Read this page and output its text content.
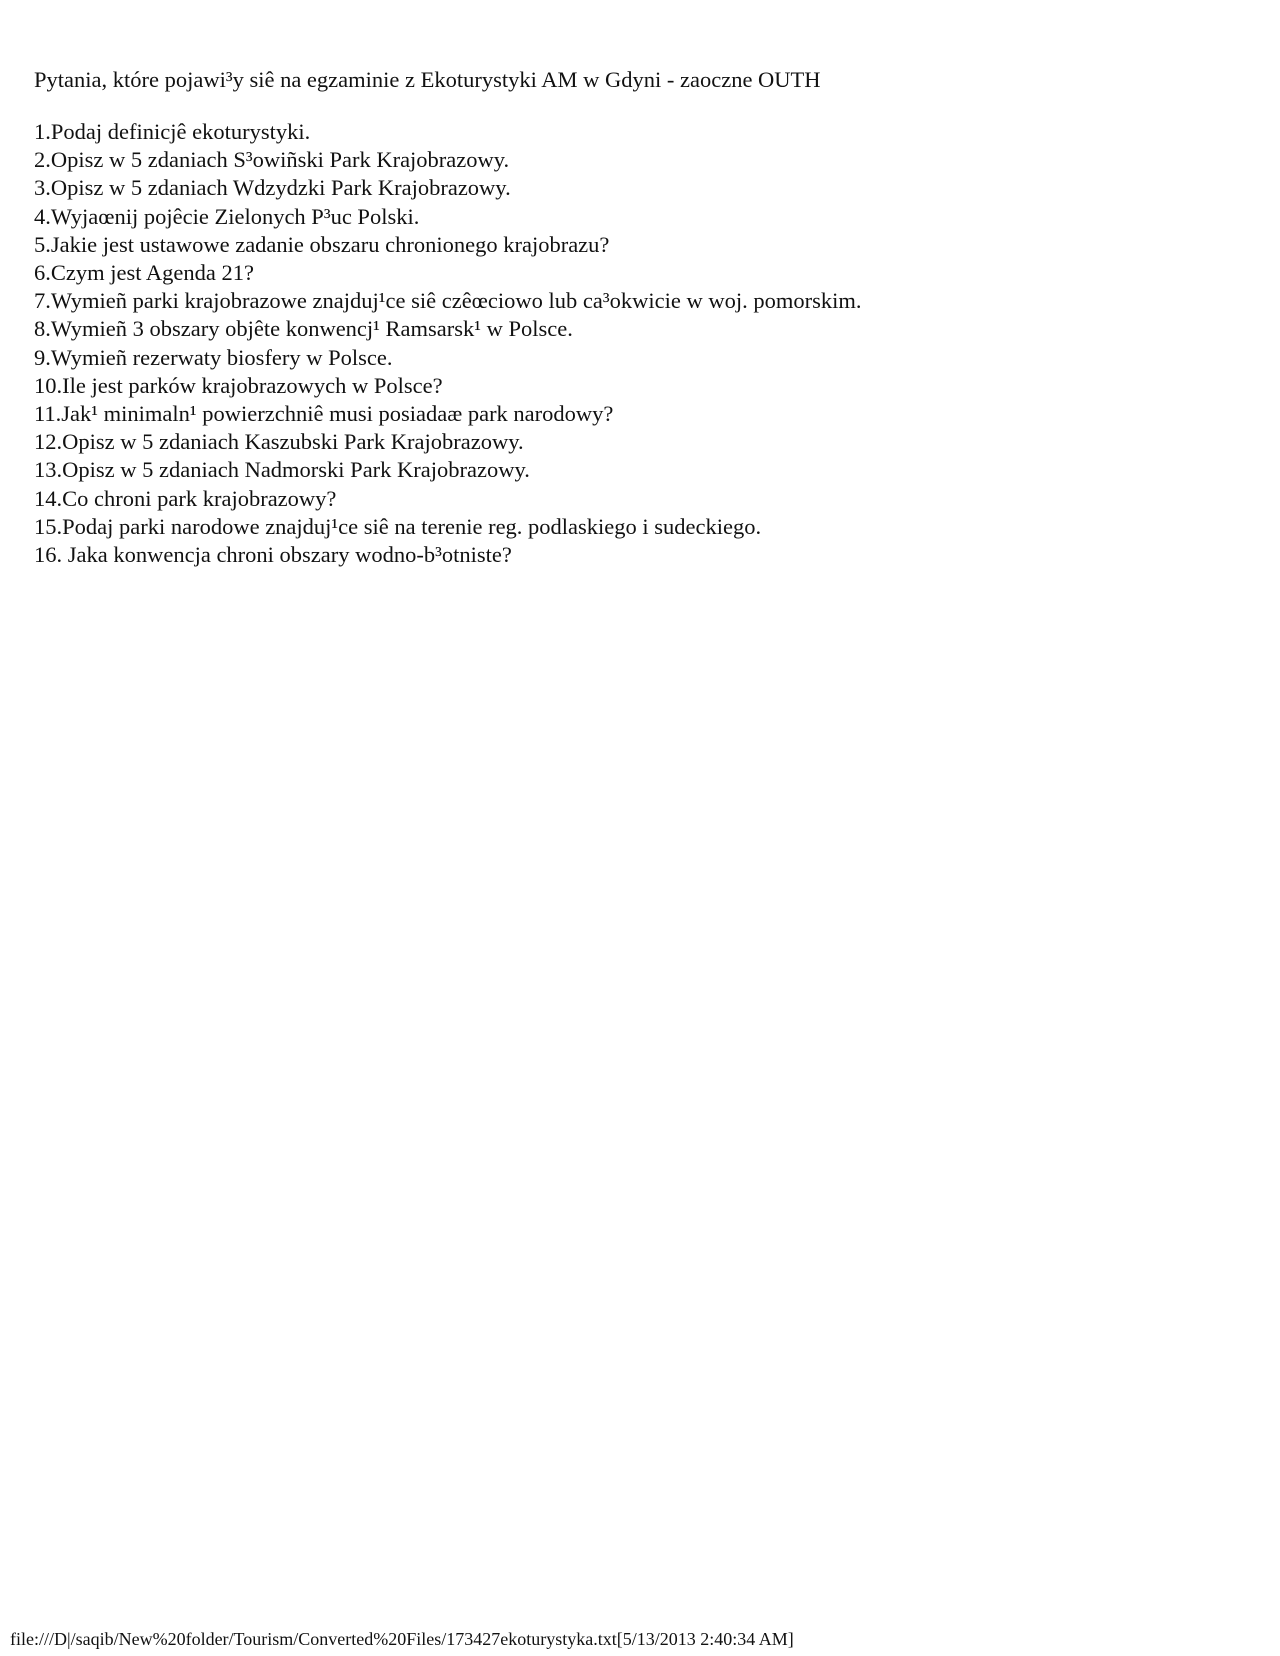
Pytania, które pojawi³y siê na egzaminie z Ekoturystyki AM w Gdyni - zaoczne OUTH
1.Podaj definicjê ekoturystyki.
2.Opisz w 5 zdaniach S³owiñski Park Krajobrazowy.
3.Opisz w 5 zdaniach Wdzydzki Park Krajobrazowy.
4.Wyjaœnij pojêcie Zielonych P³uc Polski.
5.Jakie jest ustawowe zadanie obszaru chronionego krajobrazu?
6.Czym jest Agenda 21?
7.Wymieñ parki krajobrazowe znajduj¹ce siê czêœciowo lub ca³okwicie w woj. pomorskim.
8.Wymieñ 3 obszary objête konwencj¹ Ramsarsk¹ w Polsce.
9.Wymieñ rezerwaty biosfery w Polsce.
10.Ile jest parków krajobrazowych w Polsce?
11.Jak¹ minimaln¹ powierzchniê musi posiadaæ park narodowy?
12.Opisz w 5 zdaniach Kaszubski Park Krajobrazowy.
13.Opisz w 5 zdaniach Nadmorski Park Krajobrazowy.
14.Co chroni park krajobrazowy?
15.Podaj parki narodowe znajduj¹ce siê na terenie reg. podlaskiego i sudeckiego.
16. Jaka konwencja chroni obszary wodno-b³otniste?
file:///D|/saqib/New%20folder/Tourism/Converted%20Files/173427ekoturystyka.txt[5/13/2013 2:40:34 AM]
